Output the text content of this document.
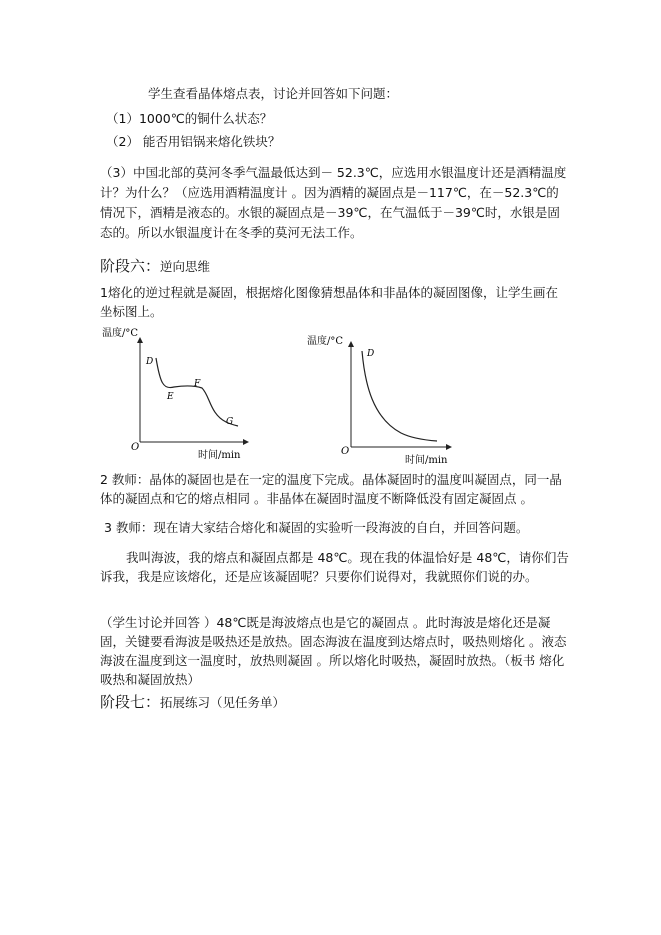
学生查看晶体熔点表，讨论并回答如下问题：
（1）1000℃的铜什么状态？
（2） 能否用铝锅来熔化铁块？
（3）中国北部的莫河冬季气温最低达到－ 52.3℃，应选用水银温度计还是酒精温度计？为什么？（应选用酒精温度计 。因为酒精的凝固点是－117℃，在－52.3℃的情况下，酒精是液态的。水银的凝固点是－39℃，在气温低于－39℃时，水银是固态的。所以水银温度计在冬季的莫河无法工作。
阶段六：逆向思维
1熔化的逆过程就是凝固，根据熔化图像猜想晶体和非晶体的凝固图像，让学生画在坐标图上。
温度/°C
时间/min
O
D
E
F
G
温度/°C
时间/min
O
D
2 教师：晶体的凝固也是在一定的温度下完成。晶体凝固时的温度叫凝固点，同一晶体的凝固点和它的熔点相同 。非晶体在凝固时温度不断降低没有固定凝固点 。
3 教师：现在请大家结合熔化和凝固的实验听一段海波的自白，并回答问题。
我叫海波，我的熔点和凝固点都是 48℃。现在我的体温恰好是 48℃，请你们告诉我，我是应该熔化，还是应该凝固呢？只要你们说得对，我就照你们说的办。
（学生讨论并回答 ）48℃既是海波熔点也是它的凝固点 。此时海波是熔化还是凝固，关键要看海波是吸热还是放热。固态海波在温度到达熔点时，吸热则熔化 。液态海波在温度到这一温度时，放热则凝固 。所以熔化时吸热，凝固时放热。（板书 熔化吸热和凝固放热）
阶段七：拓展练习（见任务单）
